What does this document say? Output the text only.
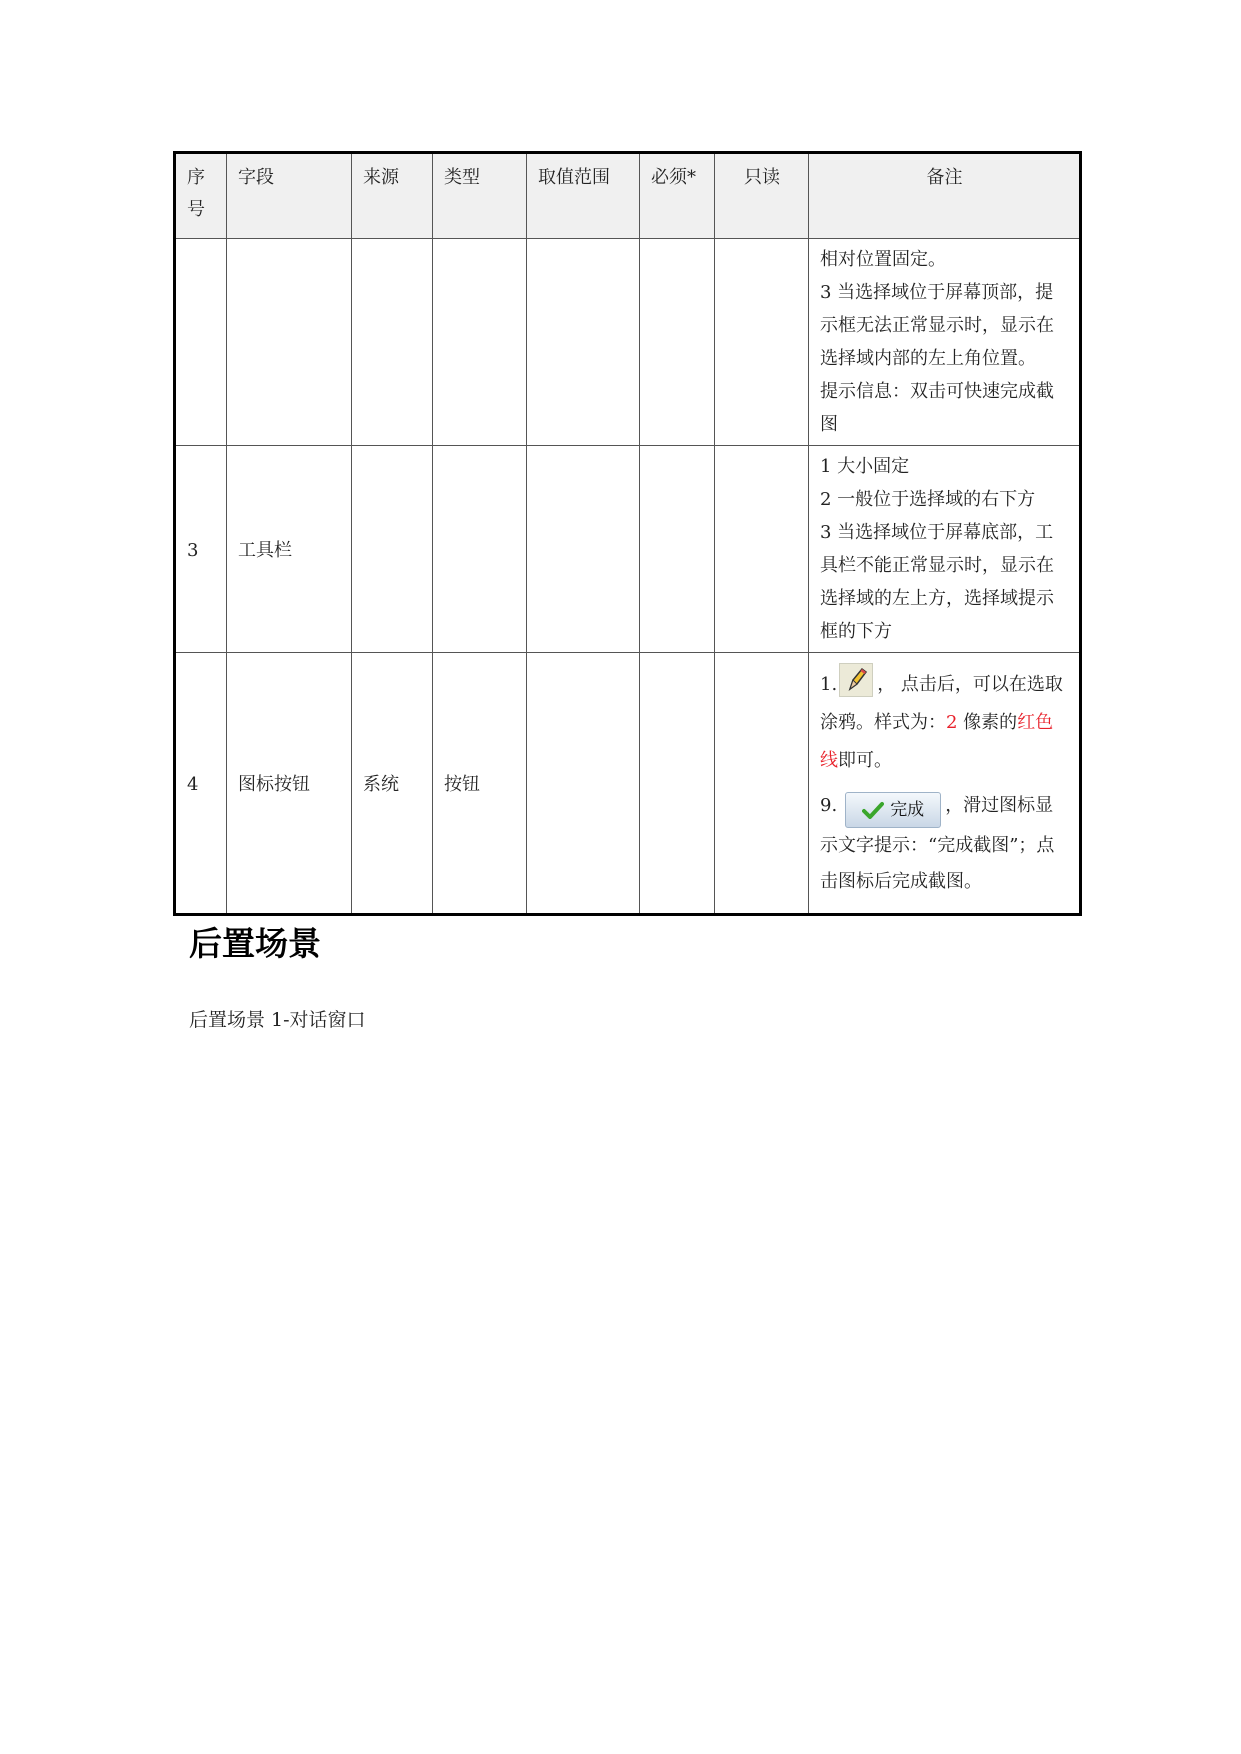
序号	字段	来源	类型	取值范围	必须*	只读	备注

							相对位置固定。

3 当选择域位于屏幕顶部，提示框无法正常显示时，显示在选择域内部的左上角位置。

提示信息：双击可快速完成截图

3	工具栏						1 大小固定

2 一般位于选择域的右下方

3 当选择域位于屏幕底部，工具栏不能正常显示时，显示在选择域的左上方，选择域提示框的下方

4	图标按钮	系统	按钮				1. ， 点击后，可以在选取涂鸦。样式为：2 像素的红色线即可。

9. 完成 ，滑过图标显示文字提示：“完成截图”；点击图标后完成截图。

后置场景

后置场景 1-对话窗口
